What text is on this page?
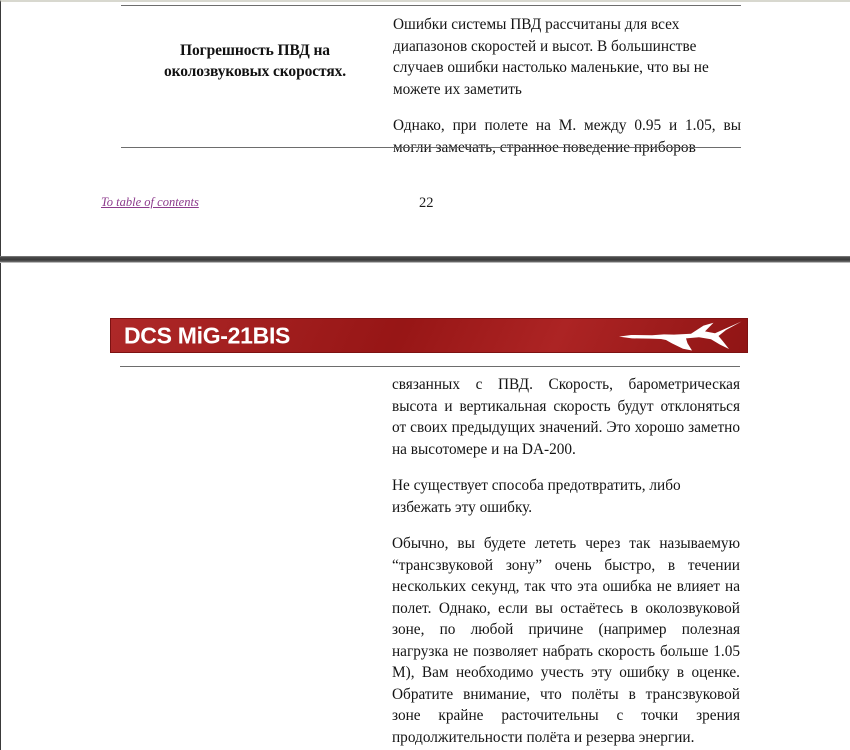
Погрешность ПВД на
околозвуковых скоростях.

Ошибки системы ПВД рассчитаны для всех диапазонов скоростей и высот. В большинстве случаев ошибки настолько маленькие, что вы не можете их заметить

Однако, при полете на М. между 0.95 и 1.05, вы могли замечать, странное поведение приборов

To table of contents	22
DCS MiG-21BIS

связанных с ПВД. Скорость, барометрическая высота и вертикальная скорость будут отклоняться от своих предыдущих значений. Это хорошо заметно на высотомере и на DA-200.

Не существует способа предотвратить, либо избежать эту ошибку.

Обычно, вы будете лететь через так называемую “трансзвуковой зону” очень быстро, в течении нескольких секунд, так что эта ошибка не влияет на полет. Однако, если вы остаётесь в околозвуковой зоне, по любой причине (например полезная нагрузка не позволяет набрать скорость больше 1.05 М), Вам необходимо учесть эту ошибку в оценке. Обратите внимание, что полёты в трансзвуковой зоне крайне расточительны с точки зрения продолжительности полёта и резерва энергии.
